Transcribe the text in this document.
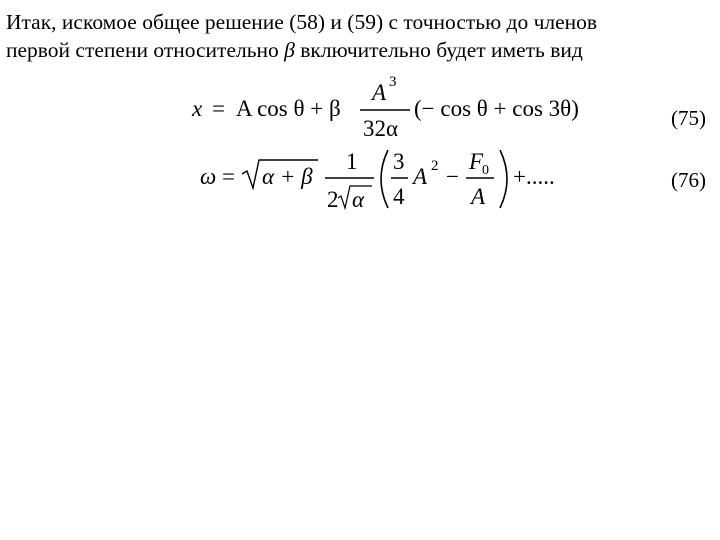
Итак, искомое общее решение (58) и (59) с точностью до членов
первой степени относительно β включительно будет иметь вид
x = A cos θ + β
A 3
32α
(− cos θ + cos 3θ)	(75)
ω = α + β
1
2 α
3
4
A 2 −
F
0
A
+.....	(76)
